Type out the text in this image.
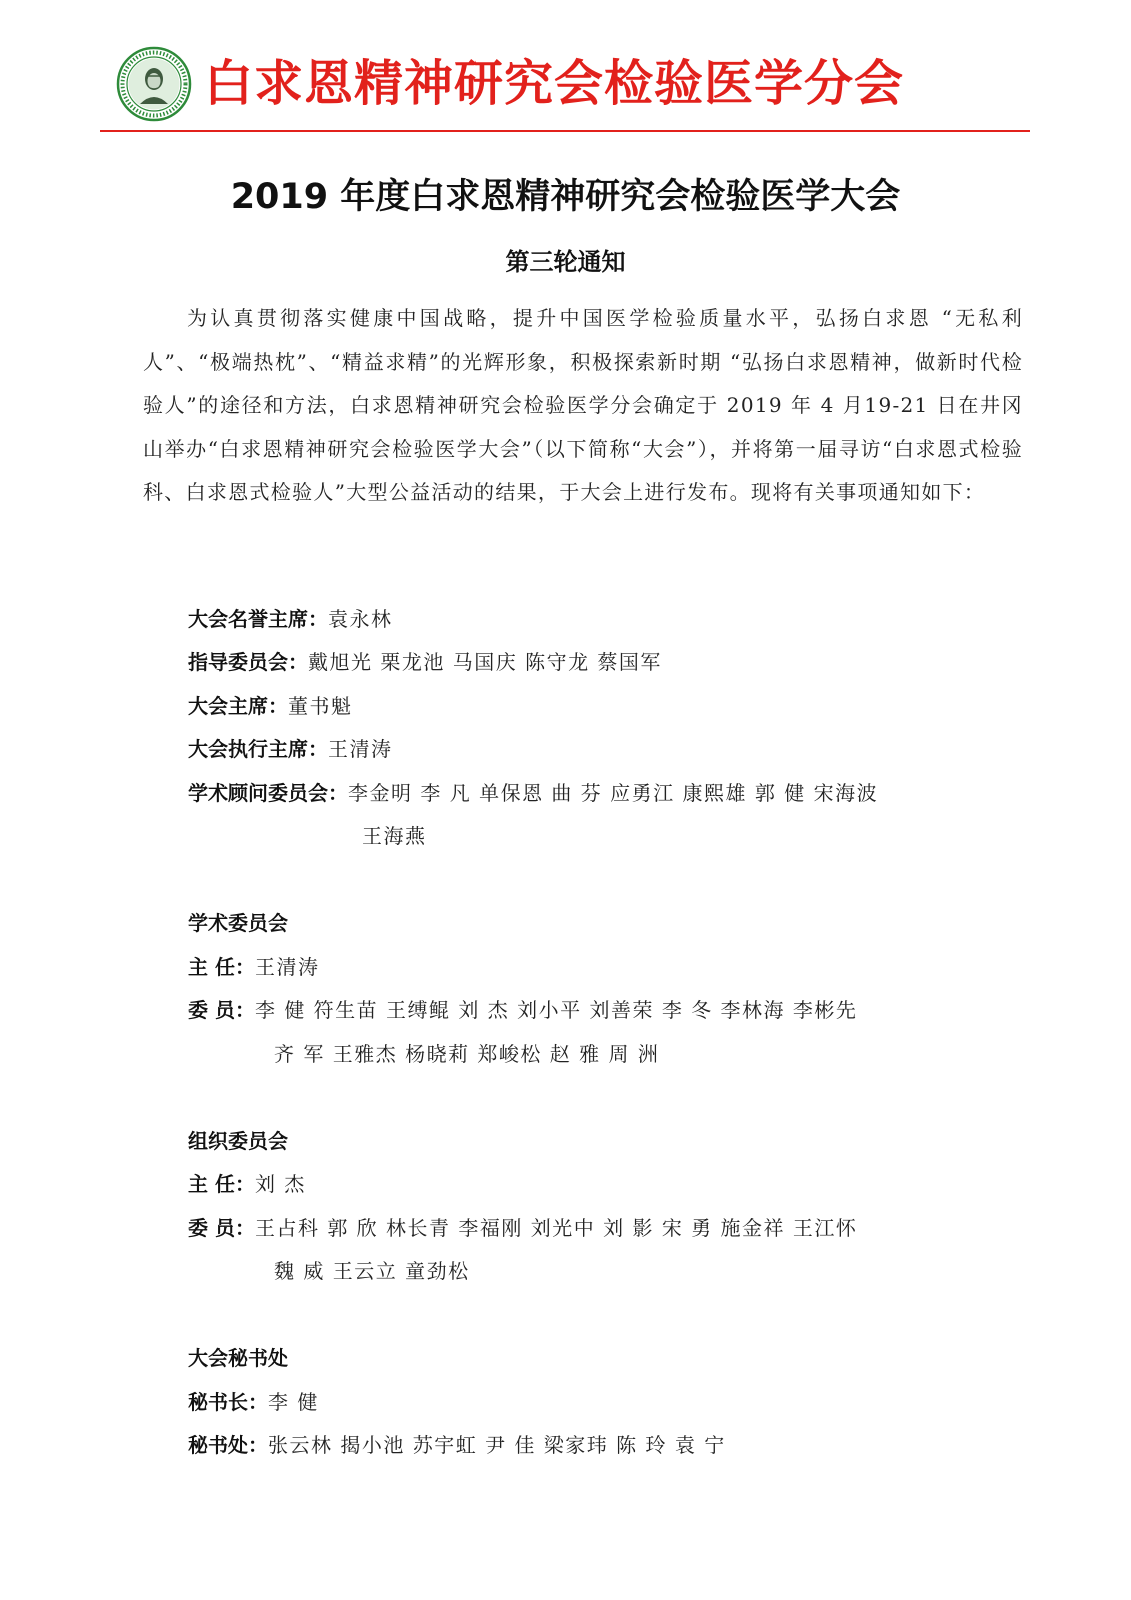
白求恩精神研究会检验医学分会
2019 年度白求恩精神研究会检验医学大会
第三轮通知

为认真贯彻落实健康中国战略，提升中国医学检验质量水平，弘扬白求恩 “无私利人”、“极端热枕”、“精益求精”的光辉形象，积极探索新时期 “弘扬白求恩精神，做新时代检验人”的途径和方法，白求恩精神研究会检验医学分会确定于 2019 年 4 月19-21 日在井冈山举办“白求恩精神研究会检验医学大会”（以下简称“大会”），并将第一届寻访“白求恩式检验科、白求恩式检验人”大型公益活动的结果，于大会上进行发布。现将有关事项通知如下：

大会名誉主席：袁永林
指导委员会：戴旭光 栗龙池 马国庆 陈守龙 蔡国军
大会主席：董书魁
大会执行主席：王清涛
学术顾问委员会：李金明 李 凡 单保恩 曲 芬 应勇江 康熙雄 郭 健 宋海波
王海燕
学术委员会
主 任：王清涛
委 员：李 健 符生苗 王缚鲲 刘 杰 刘小平 刘善荣 李 冬 李林海 李彬先
齐 军 王雅杰 杨晓莉 郑峻松 赵 雅 周 洲
组织委员会
主 任：刘 杰
委 员：王占科 郭 欣 林长青 李福刚 刘光中 刘 影 宋 勇 施金祥 王江怀
魏 威 王云立 童劲松
大会秘书处
秘书长：李 健
秘书处：张云林 揭小池 苏宇虹 尹 佳 梁家玮 陈 玲 袁 宁
